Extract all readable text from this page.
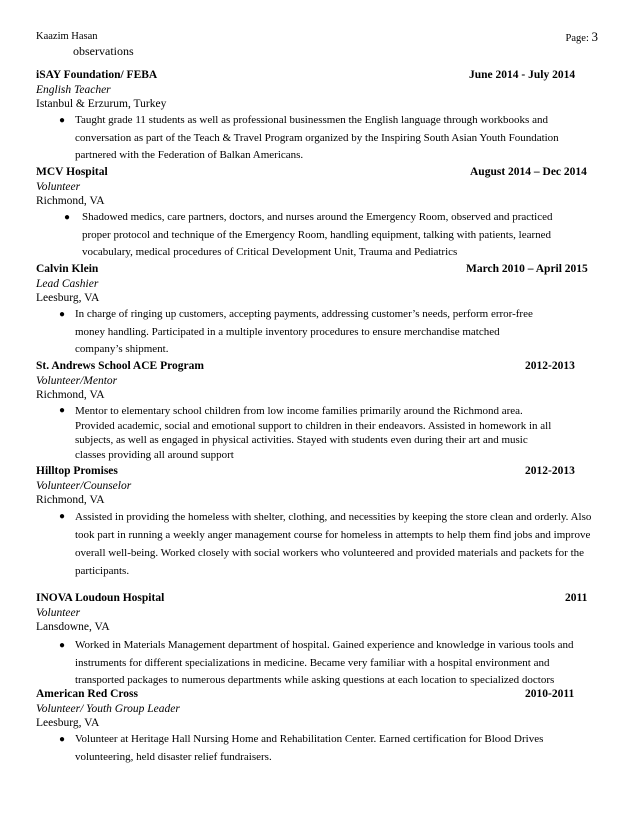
Kaazim Hasan	Page: 3
observations
iSAY Foundation/ FEBA	June 2014 - July 2014
English Teacher
Istanbul & Erzurum, Turkey
● Taught grade 11 students as well as professional businessmen the English language through workbooks and conversation as part of the Teach & Travel Program organized by the Inspiring South Asian Youth Foundation partnered with the Federation of Balkan Americans.
MCV Hospital	August 2014 – Dec 2014
Volunteer
Richmond, VA
● Shadowed medics, care partners, doctors, and nurses around the Emergency Room, observed and practiced proper protocol and technique of the Emergency Room, handling equipment, talking with patients, learned vocabulary, medical procedures of Critical Development Unit, Trauma and Pediatrics
Calvin Klein	March 2010 – April 2015
Lead Cashier
Leesburg, VA
● In charge of ringing up customers, accepting payments, addressing customer’s needs, perform error-free money handling. Participated in a multiple inventory procedures to ensure merchandise matched company’s shipment.
St. Andrews School ACE Program	2012-2013
Volunteer/Mentor
Richmond, VA
● Mentor to elementary school children from low income families primarily around the Richmond area. Provided academic, social and emotional support to children in their endeavors. Assisted in homework in all subjects, as well as engaged in physical activities. Stayed with students even during their art and music classes providing all around support
Hilltop Promises	2012-2013
Volunteer/Counselor
Richmond, VA
● Assisted in providing the homeless with shelter, clothing, and necessities by keeping the store clean and orderly. Also took part in running a weekly anger management course for homeless in attempts to help them find jobs and improve overall well-being. Worked closely with social workers who volunteered and provided materials and packets for the participants.
INOVA Loudoun Hospital	2011
Volunteer
Lansdowne, VA
● Worked in Materials Management department of hospital. Gained experience and knowledge in various tools and instruments for different specializations in medicine. Became very familiar with a hospital environment and transported packages to numerous departments while asking questions at each location to specialized doctors
American Red Cross	2010-2011
Volunteer/ Youth Group Leader
Leesburg, VA
● Volunteer at Heritage Hall Nursing Home and Rehabilitation Center. Earned certification for Blood Drives volunteering, held disaster relief fundraisers.
